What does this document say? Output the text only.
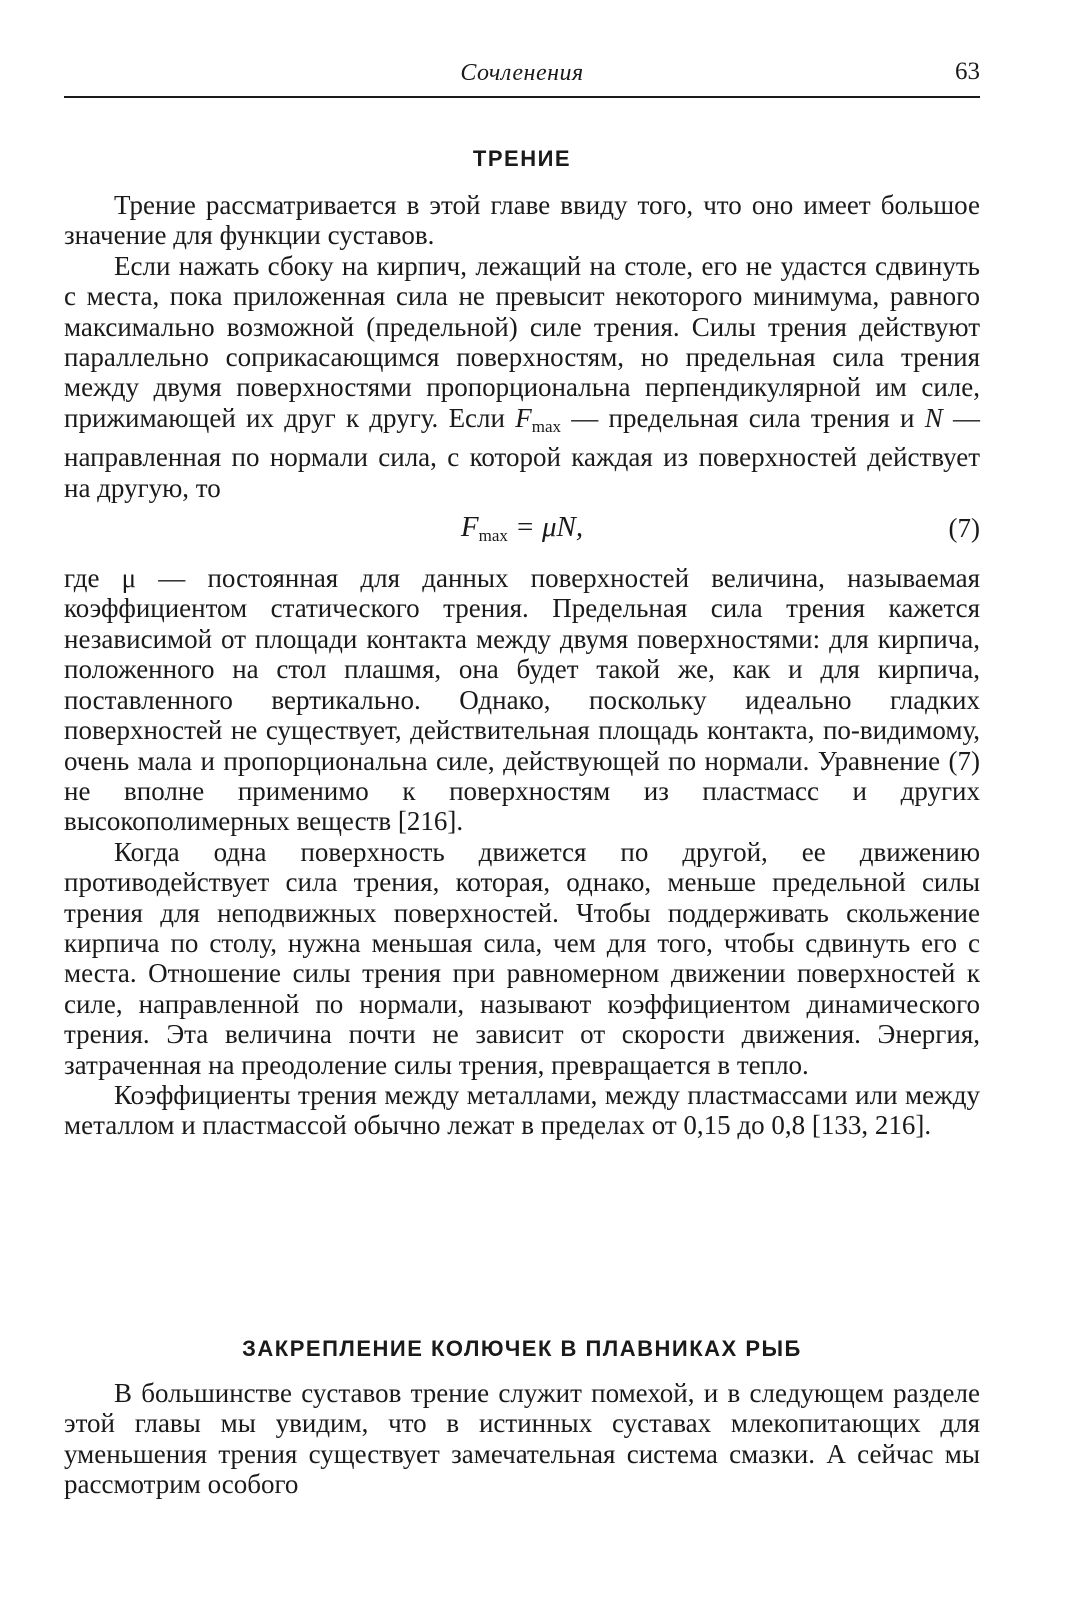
Сочленения	63
ТРЕНИЕ

Трение рассматривается в этой главе ввиду того, что оно имеет большое значение для функции суставов.

Если нажать сбоку на кирпич, лежащий на столе, его не удастся сдвинуть с места, пока приложенная сила не превысит некоторого минимума, равного максимально возможной (предельной) силе трения. Силы трения действуют параллельно соприкасающимся поверхностям, но предельная сила трения между двумя поверхностями пропорциональна перпендикулярной им силе, прижимающей их друг к другу. Если $F_{max}$ — предельная сила трения и N — направленная по нормали сила, с которой каждая из поверхностей действует на другую, то

$F_{max} = \mu N$,	(7)

где μ — постоянная для данных поверхностей величина, называемая коэффициентом статического трения. Предельная сила трения кажется независимой от площади контакта между двумя поверхностями: для кирпича, положенного на стол плашмя, она будет такой же, как и для кирпича, поставленного вертикально. Однако, поскольку идеально гладких поверхностей не существует, действительная площадь контакта, по-видимому, очень мала и пропорциональна силе, действующей по нормали. Уравнение (7) не вполне применимо к поверхностям из пластмасс и других высокополимерных веществ [216].

Когда одна поверхность движется по другой, ее движению противодействует сила трения, которая, однако, меньше предельной силы трения для неподвижных поверхностей. Чтобы поддерживать скольжение кирпича по столу, нужна меньшая сила, чем для того, чтобы сдвинуть его с места. Отношение силы трения при равномерном движении поверхностей к силе, направленной по нормали, называют коэффициентом динамического трения. Эта величина почти не зависит от скорости движения. Энергия, затраченная на преодоление силы трения, превращается в тепло.

Коэффициенты трения между металлами, между пластмассами или между металлом и пластмассой обычно лежат в пределах от 0,15 до 0,8 [133, 216].

ЗАКРЕПЛЕНИЕ КОЛЮЧЕК В ПЛАВНИКАХ РЫБ

В большинстве суставов трение служит помехой, и в следующем разделе этой главы мы увидим, что в истинных суставах млекопитающих для уменьшения трения существует замечательная система смазки. А сейчас мы рассмотрим особого
